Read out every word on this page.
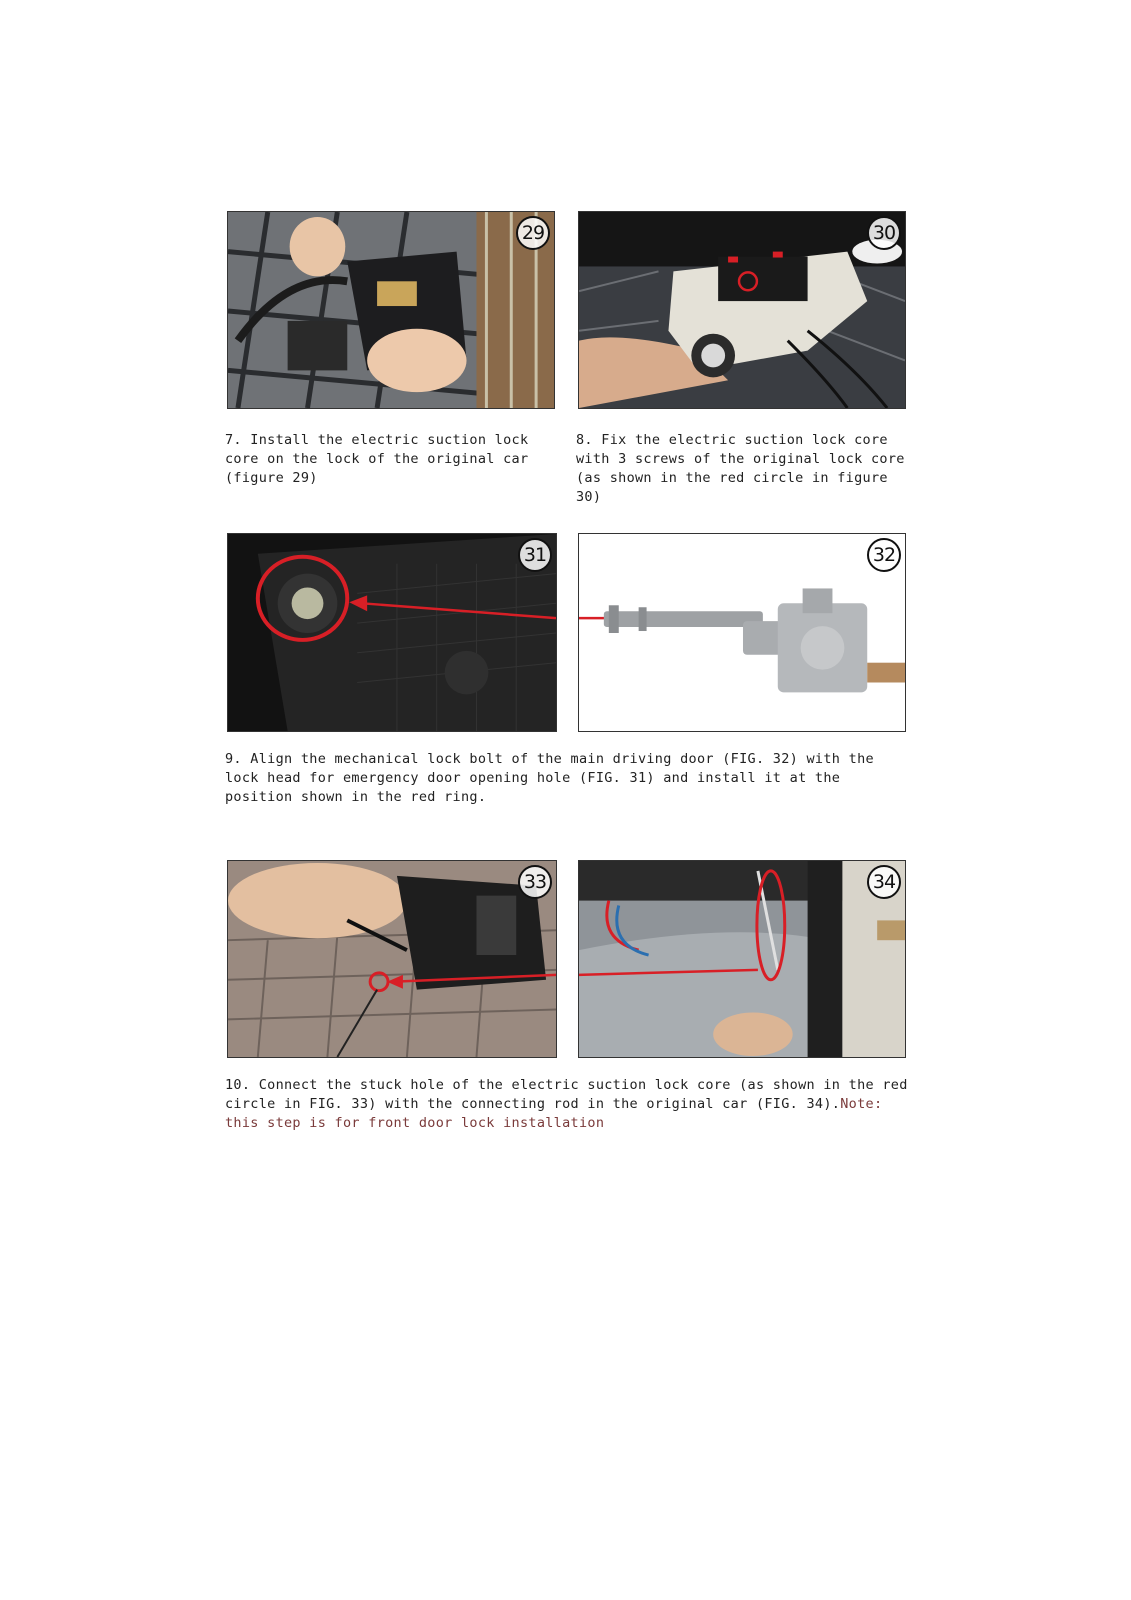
29	30
7. Install the electric suction lock core on the lock of the original car (figure 29)
8. Fix the electric suction lock core with 3 screws of the original lock core (as shown in the red circle in figure 30)
31	32
9. Align the mechanical lock bolt of the main driving door (FIG. 32) with the lock head for emergency door opening hole (FIG. 31) and install it at the position shown in the red ring.
33	34
10. Connect the stuck hole of the electric suction lock core (as shown in the red circle in FIG. 33) with the connecting rod in the original car (FIG. 34).Note: this step is for front door lock installation
